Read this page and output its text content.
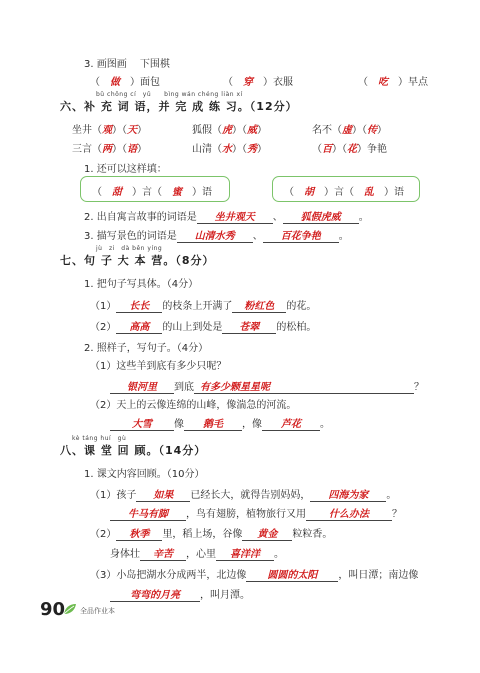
3. 画图画　 下围棋
（　做　）面包	（　穿　）衣服	（　吃　）早点
bǔ chōng cí　yǔ　　bìng wán chéng liàn xí
六、补 充 词 语，并 完 成 练 习。（12分）
坐井（观）（天）	狐假（虎）（威）	名不（虚）（传）
三言（两）（语）	山清（水）（秀）	（百）（花）争艳
1. 还可以这样填：
（　甜　）言（　蜜　）语	（　胡　）言（　乱　）语
2. 出自寓言故事的词语是 坐井观天 、 狐假虎威 。
3. 描写景色的词语是 山清水秀 、 百花争艳 。
jù　zi　dà běn yíng
七、句 子 大 本 营。（8分）
1. 把句子写具体。（4分）
（1） 长长 的枝条上开满了 粉红色 的花。
（2） 高高 的山上到处是 苍翠 的松柏。
2. 照样子，写句子。（4分）
（1）这些羊到底有多少只呢？
银河里 到底 有多少颗星星呢	？
（2）天上的云像连绵的山峰，像湍急的河流。
大雪 像 鹅毛 ，像 芦花 。
kè táng huí　gù
八、课 堂 回 顾。（14分）
1. 课文内容回顾。（10分）
（1）孩子 如果 已经长大，就得告别妈妈， 四海为家 。
牛马有脚 ，鸟有翅膀，植物旅行又用 什么办法 ？
（2） 秋季 里，稻上场，谷像 黄金 粒粒香。
身体壮 辛苦 ，心里 喜洋洋 。
（3）小岛把湖水分成两半，北边像 圆圆的太阳 ，叫日潭；南边像
弯弯的月亮 ，叫月潭。
90 全品作业本
